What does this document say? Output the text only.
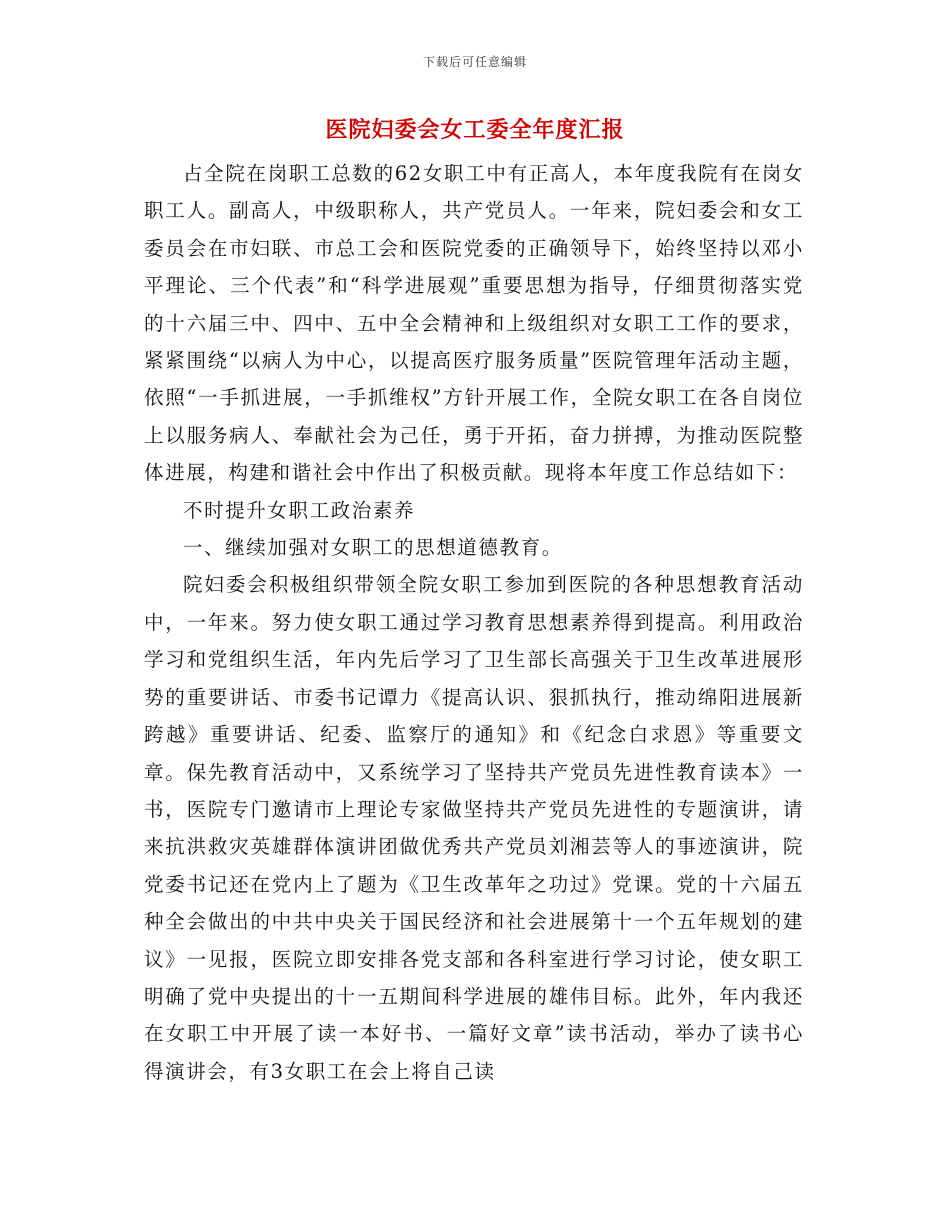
下载后可任意编辑
医院妇委会女工委全年度汇报

占全院在岗职工总数的62女职工中有正高人，本年度我院有在岗女职工人。副高人，中级职称人，共产党员人。一年来，院妇委会和女工委员会在市妇联、市总工会和医院党委的正确领导下，始终坚持以邓小平理论、三个代表”和“科学进展观”重要思想为指导，仔细贯彻落实党的十六届三中、四中、五中全会精神和上级组织对女职工工作的要求，紧紧围绕“以病人为中心，以提高医疗服务质量”医院管理年活动主题，依照“一手抓进展，一手抓维权”方针开展工作，全院女职工在各自岗位上以服务病人、奉献社会为己任，勇于开拓，奋力拼搏，为推动医院整体进展，构建和谐社会中作出了积极贡献。现将本年度工作总结如下：

不时提升女职工政治素养

一、继续加强对女职工的思想道德教育。

院妇委会积极组织带领全院女职工参加到医院的各种思想教育活动中，一年来。努力使女职工通过学习教育思想素养得到提高。利用政治学习和党组织生活，年内先后学习了卫生部长高强关于卫生改革进展形势的重要讲话、市委书记谭力《提高认识、狠抓执行，推动绵阳进展新跨越》重要讲话、纪委、监察厅的通知》和《纪念白求恩》等重要文章。保先教育活动中，又系统学习了坚持共产党员先进性教育读本》一书，医院专门邀请市上理论专家做坚持共产党员先进性的专题演讲，请来抗洪救灾英雄群体演讲团做优秀共产党员刘湘芸等人的事迹演讲，院党委书记还在党内上了题为《卫生改革年之功过》党课。党的十六届五种全会做出的中共中央关于国民经济和社会进展第十一个五年规划的建议》一见报，医院立即安排各党支部和各科室进行学习讨论，使女职工明确了党中央提出的十一五期间科学进展的雄伟目标。此外，年内我还在女职工中开展了读一本好书、一篇好文章”读书活动，举办了读书心得演讲会，有3女职工在会上将自己读
